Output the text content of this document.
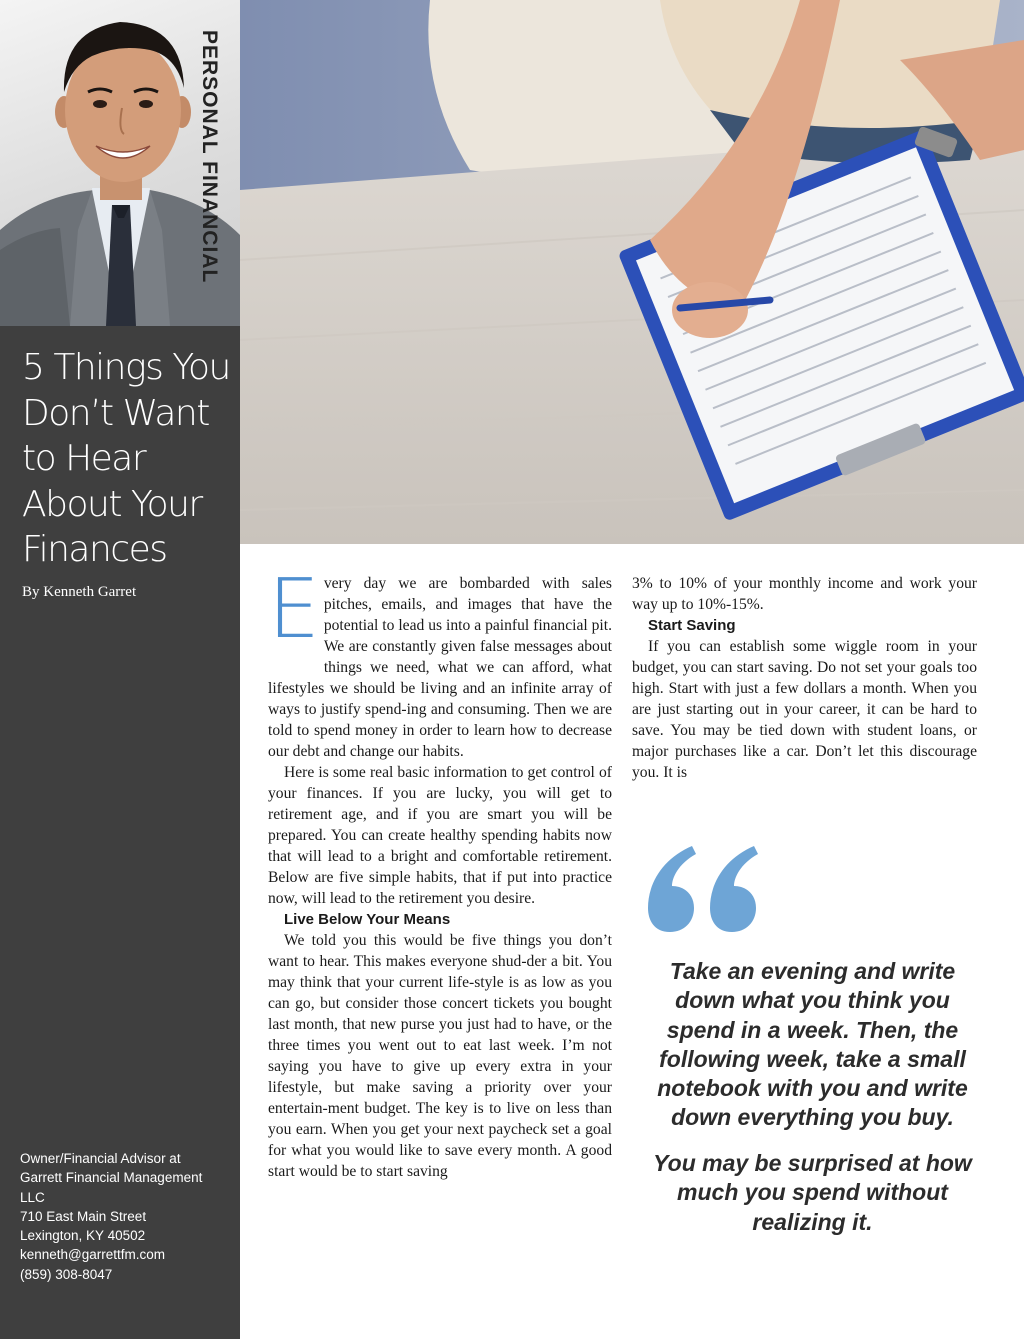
PERSONAL FINANCIAL
5 Things You Don’t Want to Hear About Your Finances
By Kenneth Garret
Owner/Financial Advisor at
Garrett Financial Management
LLC
710 East Main Street
Lexington, KY 40502
kenneth@garrettfm.com
(859) 308-8047

Every day we are bombarded with sales pitches, emails, and images that have the potential to lead us into a painful financial pit. We are constantly given false messages about things we need, what we can afford, what lifestyles we should be living and an infinite array of ways to justify spend-ing and consuming. Then we are told to spend money in order to learn how to decrease our debt and change our habits.

Here is some real basic information to get control of your finances. If you are lucky, you will get to retirement age, and if you are smart you will be prepared. You can create healthy spending habits now that will lead to a bright and comfortable retirement. Below are five simple habits, that if put into practice now, will lead to the retirement you desire.

Live Below Your Means

We told you this would be five things you don’t want to hear. This makes everyone shud-der a bit. You may think that your current life-style is as low as you can go, but consider those concert tickets you bought last month, that new purse you just had to have, or the three times you went out to eat last week. I’m not saying you have to give up every extra in your lifestyle, but make saving a priority over your entertain-ment budget. The key is to live on less than you earn. When you get your next paycheck set a goal for what you would like to save every month. A good start would be to start saving

3% to 10% of your monthly income and work your way up to 10%-15%.

Start Saving

If you can establish some wiggle room in your budget, you can start saving. Do not set your goals too high. Start with just a few dollars a month. When you are just starting out in your career, it can be hard to save. You may be tied down with student loans, or major purchases like a car. Don’t let this discourage you. It is

Take an evening and write down what you think you spend in a week. Then, the following week, take a small notebook with you and write down everything you buy.
You may be surprised at how much you spend without realizing it.
